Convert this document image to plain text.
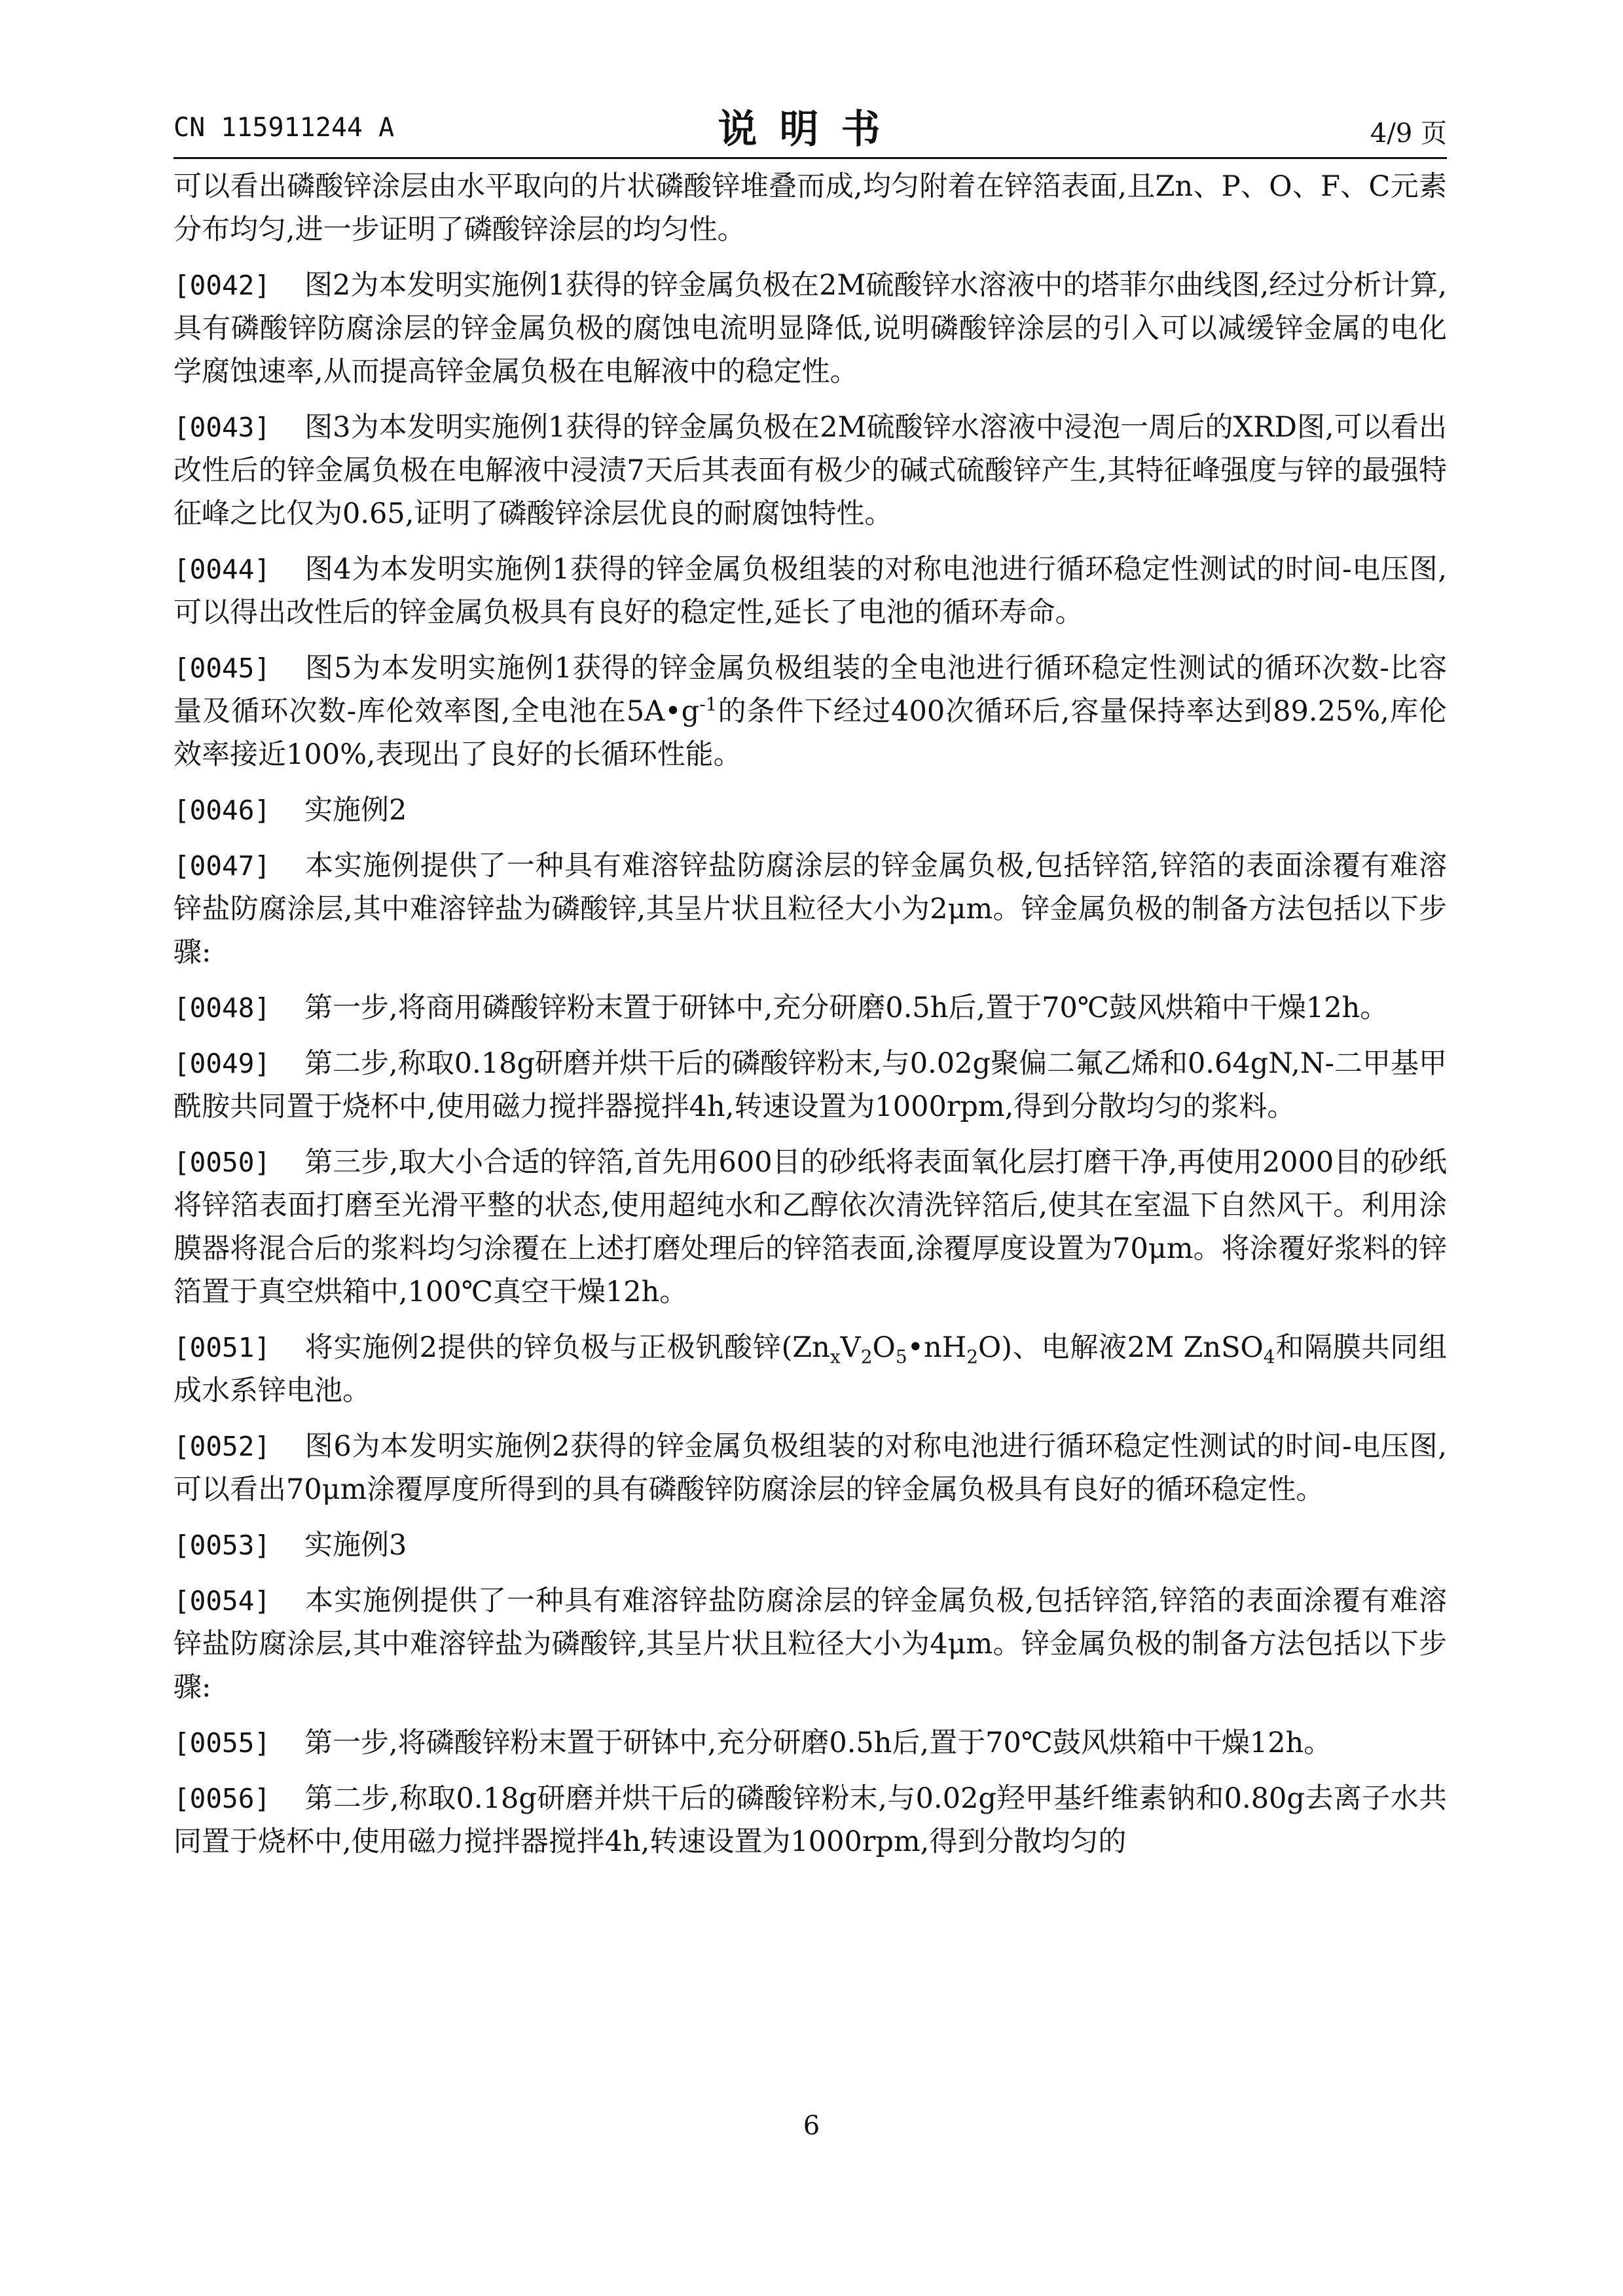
CN 115911244 A	说明书	4/9 页

可以看出磷酸锌涂层由水平取向的片状磷酸锌堆叠而成,均匀附着在锌箔表面,且Zn、P、O、F、C元素分布均匀,进一步证明了磷酸锌涂层的均匀性。

[0042] 图2为本发明实施例1获得的锌金属负极在2M硫酸锌水溶液中的塔菲尔曲线图,经过分析计算,具有磷酸锌防腐涂层的锌金属负极的腐蚀电流明显降低,说明磷酸锌涂层的引入可以减缓锌金属的电化学腐蚀速率,从而提高锌金属负极在电解液中的稳定性。

[0043] 图3为本发明实施例1获得的锌金属负极在2M硫酸锌水溶液中浸泡一周后的XRD图,可以看出改性后的锌金属负极在电解液中浸渍7天后其表面有极少的碱式硫酸锌产生,其特征峰强度与锌的最强特征峰之比仅为0.65,证明了磷酸锌涂层优良的耐腐蚀特性。

[0044] 图4为本发明实施例1获得的锌金属负极组装的对称电池进行循环稳定性测试的时间-电压图,可以得出改性后的锌金属负极具有良好的稳定性,延长了电池的循环寿命。

[0045] 图5为本发明实施例1获得的锌金属负极组装的全电池进行循环稳定性测试的循环次数-比容量及循环次数-库伦效率图,全电池在$5A•g^{-1}$的条件下经过400次循环后,容量保持率达到89.25%,库伦效率接近100%,表现出了良好的长循环性能。

[0046] 实施例2

[0047] 本实施例提供了一种具有难溶锌盐防腐涂层的锌金属负极,包括锌箔,锌箔的表面涂覆有难溶锌盐防腐涂层,其中难溶锌盐为磷酸锌,其呈片状且粒径大小为2μm。锌金属负极的制备方法包括以下步骤:

[0048] 第一步,将商用磷酸锌粉末置于研钵中,充分研磨0.5h后,置于70℃鼓风烘箱中干燥12h。

[0049] 第二步,称取0.18g研磨并烘干后的磷酸锌粉末,与0.02g聚偏二氟乙烯和0.64gN,N-二甲基甲酰胺共同置于烧杯中,使用磁力搅拌器搅拌4h,转速设置为1000rpm,得到分散均匀的浆料。

[0050] 第三步,取大小合适的锌箔,首先用600目的砂纸将表面氧化层打磨干净,再使用2000目的砂纸将锌箔表面打磨至光滑平整的状态,使用超纯水和乙醇依次清洗锌箔后,使其在室温下自然风干。利用涂膜器将混合后的浆料均匀涂覆在上述打磨处理后的锌箔表面,涂覆厚度设置为70μm。将涂覆好浆料的锌箔置于真空烘箱中,100℃真空干燥12h。

[0051] 将实施例2提供的锌负极与正极钒酸锌$(Zn_xV_2O_5•nH_2O)$、电解液2M ZnSO$_4$和隔膜共同组成水系锌电池。

[0052] 图6为本发明实施例2获得的锌金属负极组装的对称电池进行循环稳定性测试的时间-电压图,可以看出70μm涂覆厚度所得到的具有磷酸锌防腐涂层的锌金属负极具有良好的循环稳定性。

[0053] 实施例3

[0054] 本实施例提供了一种具有难溶锌盐防腐涂层的锌金属负极,包括锌箔,锌箔的表面涂覆有难溶锌盐防腐涂层,其中难溶锌盐为磷酸锌,其呈片状且粒径大小为4μm。锌金属负极的制备方法包括以下步骤:

[0055] 第一步,将磷酸锌粉末置于研钵中,充分研磨0.5h后,置于70℃鼓风烘箱中干燥12h。

[0056] 第二步,称取0.18g研磨并烘干后的磷酸锌粉末,与0.02g羟甲基纤维素钠和0.80g去离子水共同置于烧杯中,使用磁力搅拌器搅拌4h,转速设置为1000rpm,得到分散均匀的

6
